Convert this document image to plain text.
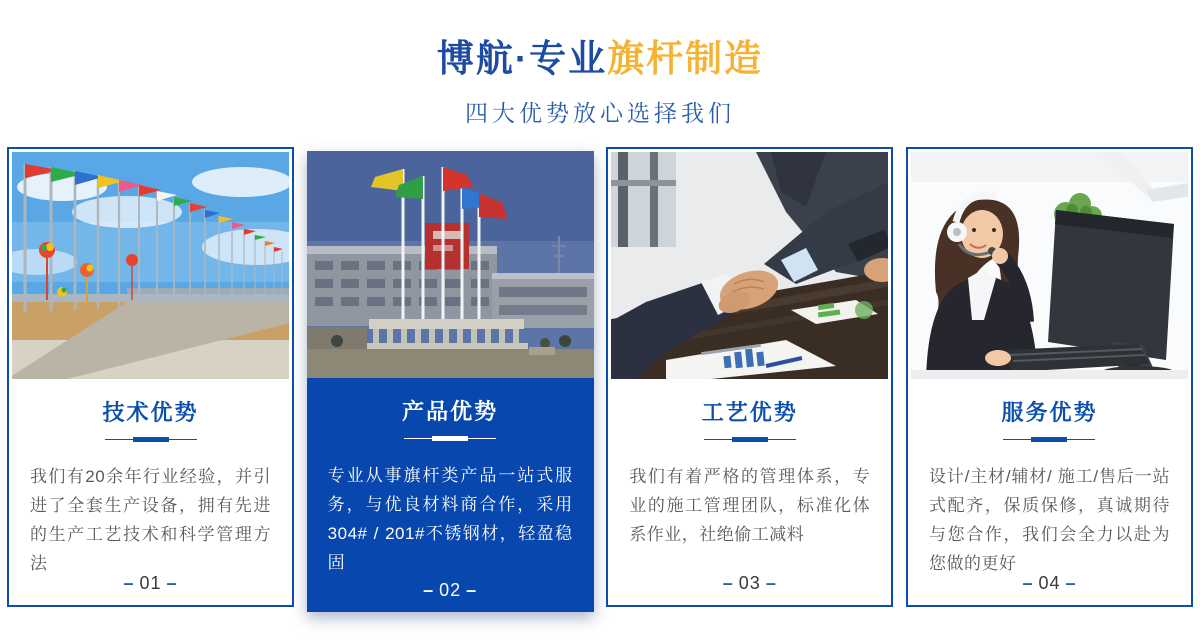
博航·专业旗杆制造
四大优势放心选择我们
技术优势

我们有20余年行业经验，并引进了全套生产设备，拥有先进的生产工艺技术和科学管理方法

– 01 –
产品优势

专业从事旗杆类产品一站式服务，与优良材料商合作，采用304# / 201#不锈钢材，轻盈稳固

– 02 –
工艺优势

我们有着严格的管理体系，专业的施工管理团队，标准化体系作业，社绝偷工减料

– 03 –
服务优势

设计/主材/辅材/ 施工/售后一站式配齐，保质保修，真诚期待与您合作，我们会全力以赴为您做的更好

– 04 –
